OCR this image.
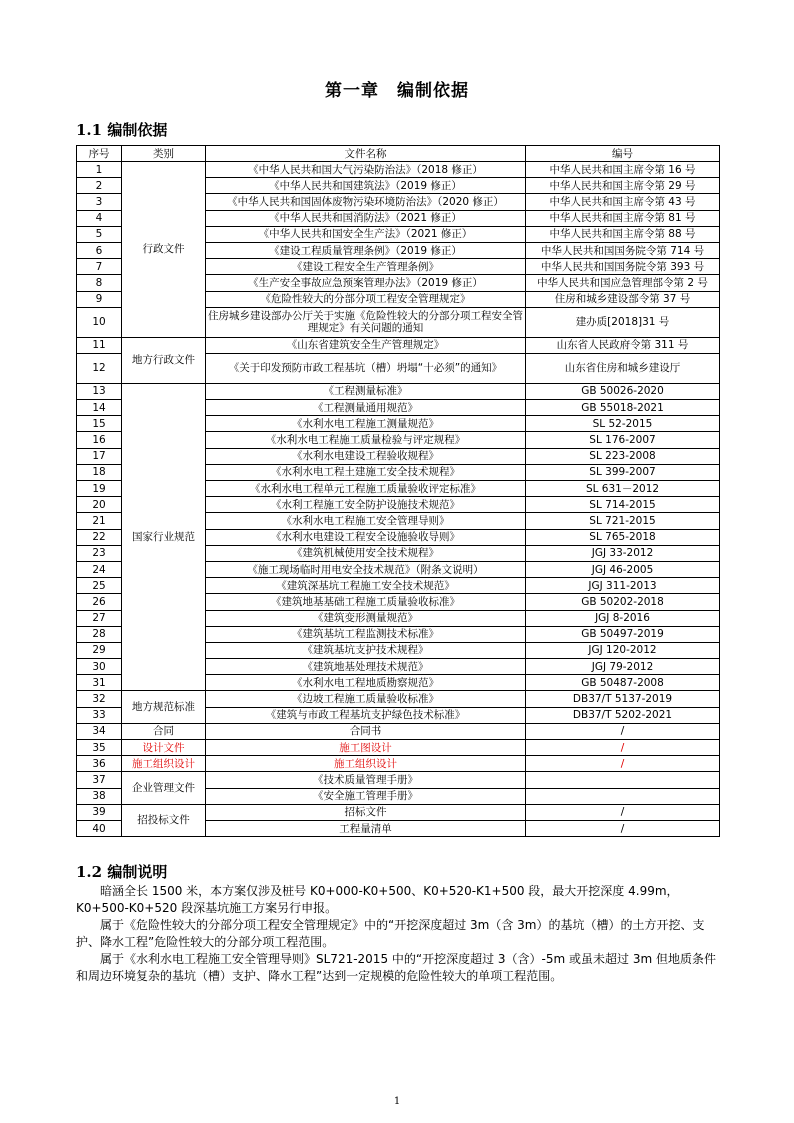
第一章　编制依据
1.1 编制依据
序号	类别	文件名称	编号
1	行政文件	《中华人民共和国大气污染防治法》（2018 修正）	中华人民共和国主席令第 16 号
2		《中华人民共和国建筑法》（2019 修正）	中华人民共和国主席令第 29 号
3		《中华人民共和国固体废物污染环境防治法》（2020 修正）	中华人民共和国主席令第 43 号
4		《中华人民共和国消防法》（2021 修正）	中华人民共和国主席令第 81 号
5		《中华人民共和国安全生产法》（2021 修正）	中华人民共和国主席令第 88 号
6		《建设工程质量管理条例》（2019 修正）	中华人民共和国国务院令第 714 号
7		《建设工程安全生产管理条例》	中华人民共和国国务院令第 393 号
8		《生产安全事故应急预案管理办法》（2019 修正）	中华人民共和国应急管理部令第 2 号
9		《危险性较大的分部分项工程安全管理规定》	住房和城乡建设部令第 37 号
10		住房城乡建设部办公厅关于实施《危险性较大的分部分项工程安全管理规定》有关问题的通知	建办质[2018]31 号
11	地方行政文件	《山东省建筑安全生产管理规定》	山东省人民政府令第 311 号
12		《关于印发预防市政工程基坑（槽）坍塌“十必须”的通知》	山东省住房和城乡建设厅
13	国家行业规范	《工程测量标准》	GB 50026-2020
14		《工程测量通用规范》	GB 55018-2021
15		《水利水电工程施工测量规范》	SL 52-2015
16		《水利水电工程施工质量检验与评定规程》	SL 176-2007
17		《水利水电建设工程验收规程》	SL 223-2008
18		《水利水电工程土建施工安全技术规程》	SL 399-2007
19		《水利水电工程单元工程施工质量验收评定标准》	SL 631－2012
20		《水利工程施工安全防护设施技术规范》	SL 714-2015
21		《水利水电工程施工安全管理导则》	SL 721-2015
22		《水利水电建设工程安全设施验收导则》	SL 765-2018
23		《建筑机械使用安全技术规程》	JGJ 33-2012
24		《施工现场临时用电安全技术规范》（附条文说明）	JGJ 46-2005
25		《建筑深基坑工程施工安全技术规范》	JGJ 311-2013
26		《建筑地基基础工程施工质量验收标准》	GB 50202-2018
27		《建筑变形测量规范》	JGJ 8-2016
28		《建筑基坑工程监测技术标准》	GB 50497-2019
29		《建筑基坑支护技术规程》	JGJ 120-2012
30		《建筑地基处理技术规范》	JGJ 79-2012
31		《水利水电工程地质勘察规范》	GB 50487-2008
32	地方规范标准	《边坡工程施工质量验收标准》	DB37/T 5137-2019
33		《建筑与市政工程基坑支护绿色技术标准》	DB37/T 5202-2021
34	合同	合同书	/
35	设计文件	施工图设计	/
36	施工组织设计	施工组织设计	/
37	企业管理文件	《技术质量管理手册》	
38		《安全施工管理手册》	
39	招投标文件	招标文件	/
40		工程量清单	/
1.2 编制说明

暗涵全长 1500 米，本方案仅涉及桩号 K0+000-K0+500、K0+520-K1+500 段，最大开挖深度 4.99m，K0+500-K0+520 段深基坑施工方案另行申报。

属于《危险性较大的分部分项工程安全管理规定》中的“开挖深度超过 3m（含 3m）的基坑（槽）的土方开挖、支护、降水工程”危险性较大的分部分项工程范围。

属于《水利水电工程施工安全管理导则》SL721-2015 中的“开挖深度超过 3（含）-5m 或虽未超过 3m 但地质条件和周边环境复杂的基坑（槽）支护、降水工程”达到一定规模的危险性较大的单项工程范围。

1
